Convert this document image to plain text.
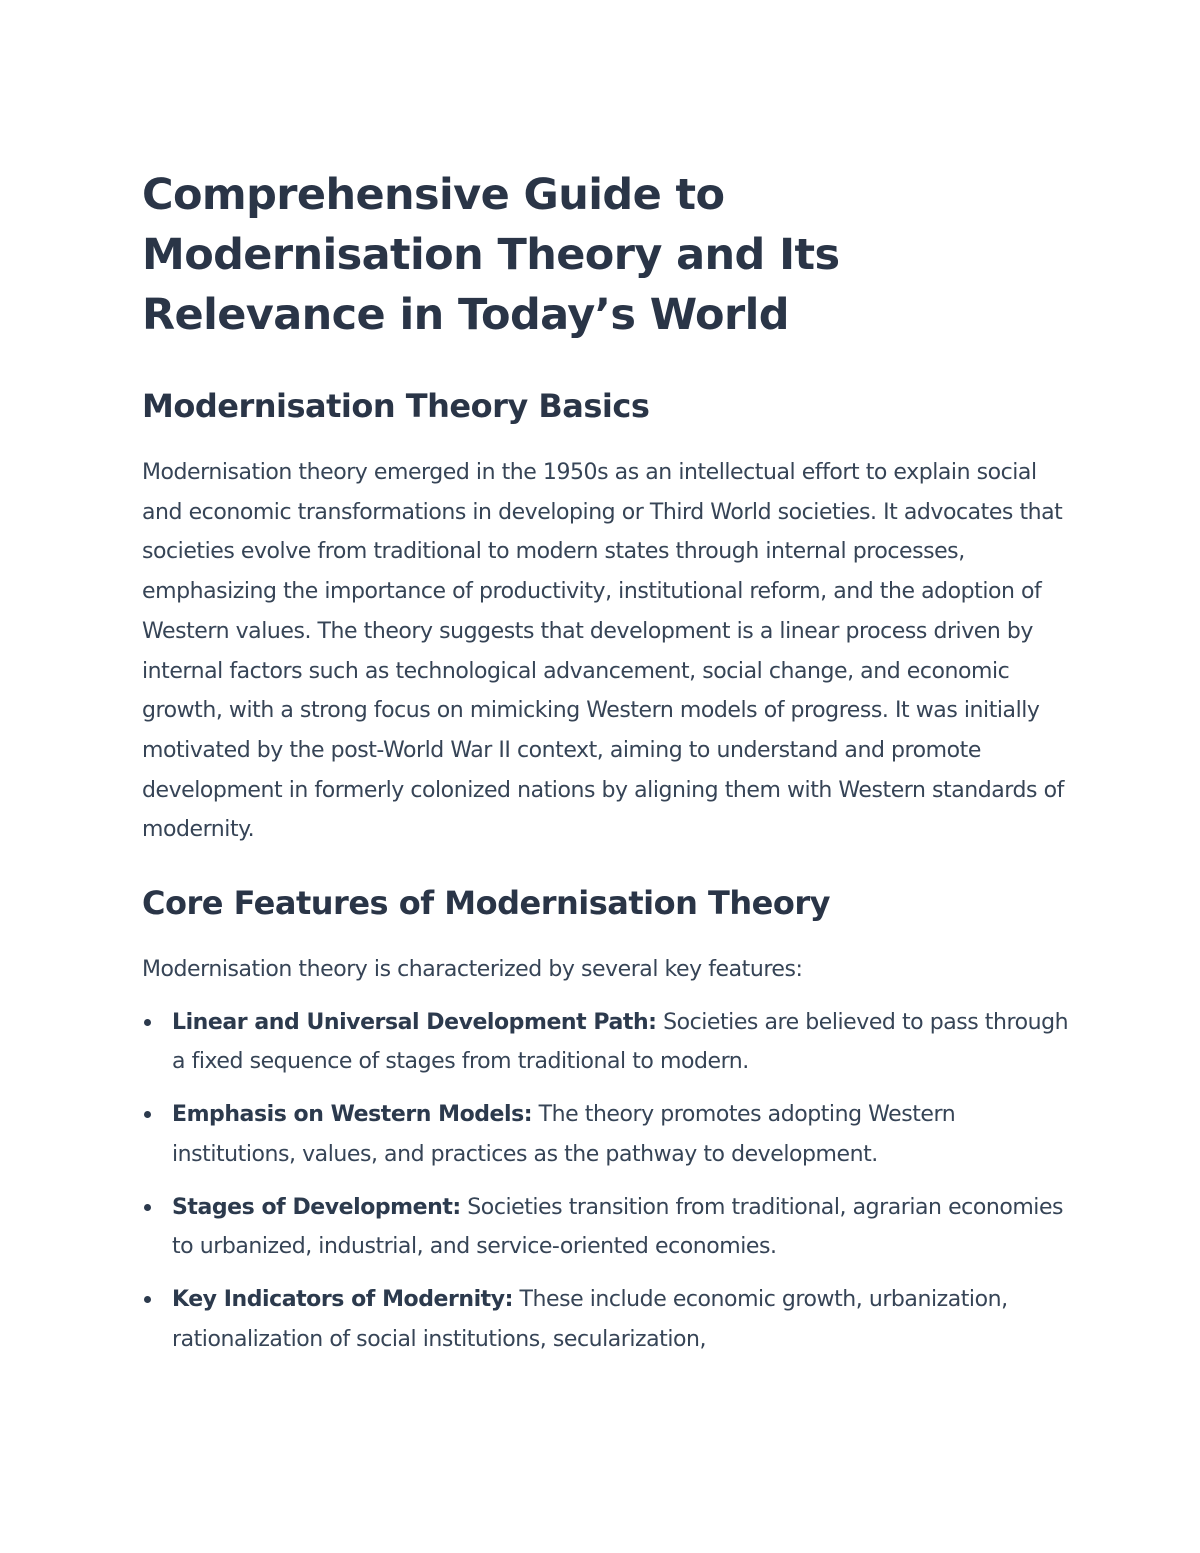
Comprehensive Guide to Modernisation Theory and Its Relevance in Today’s World
Modernisation Theory Basics

Modernisation theory emerged in the 1950s as an intellectual effort to explain social and economic transformations in developing or Third World societies. It advocates that societies evolve from traditional to modern states through internal processes, emphasizing the importance of productivity, institutional reform, and the adoption of Western values. The theory suggests that development is a linear process driven by internal factors such as technological advancement, social change, and economic growth, with a strong focus on mimicking Western models of progress. It was initially motivated by the post-World War II context, aiming to understand and promote development in formerly colonized nations by aligning them with Western standards of modernity.

Core Features of Modernisation Theory

Modernisation theory is characterized by several key features:

Linear and Universal Development Path: Societies are believed to pass through a fixed sequence of stages from traditional to modern.
Emphasis on Western Models: The theory promotes adopting Western institutions, values, and practices as the pathway to development.
Stages of Development: Societies transition from traditional, agrarian economies to urbanized, industrial, and service-oriented economies.
Key Indicators of Modernity: These include economic growth, urbanization, rationalization of social institutions, secularization,
